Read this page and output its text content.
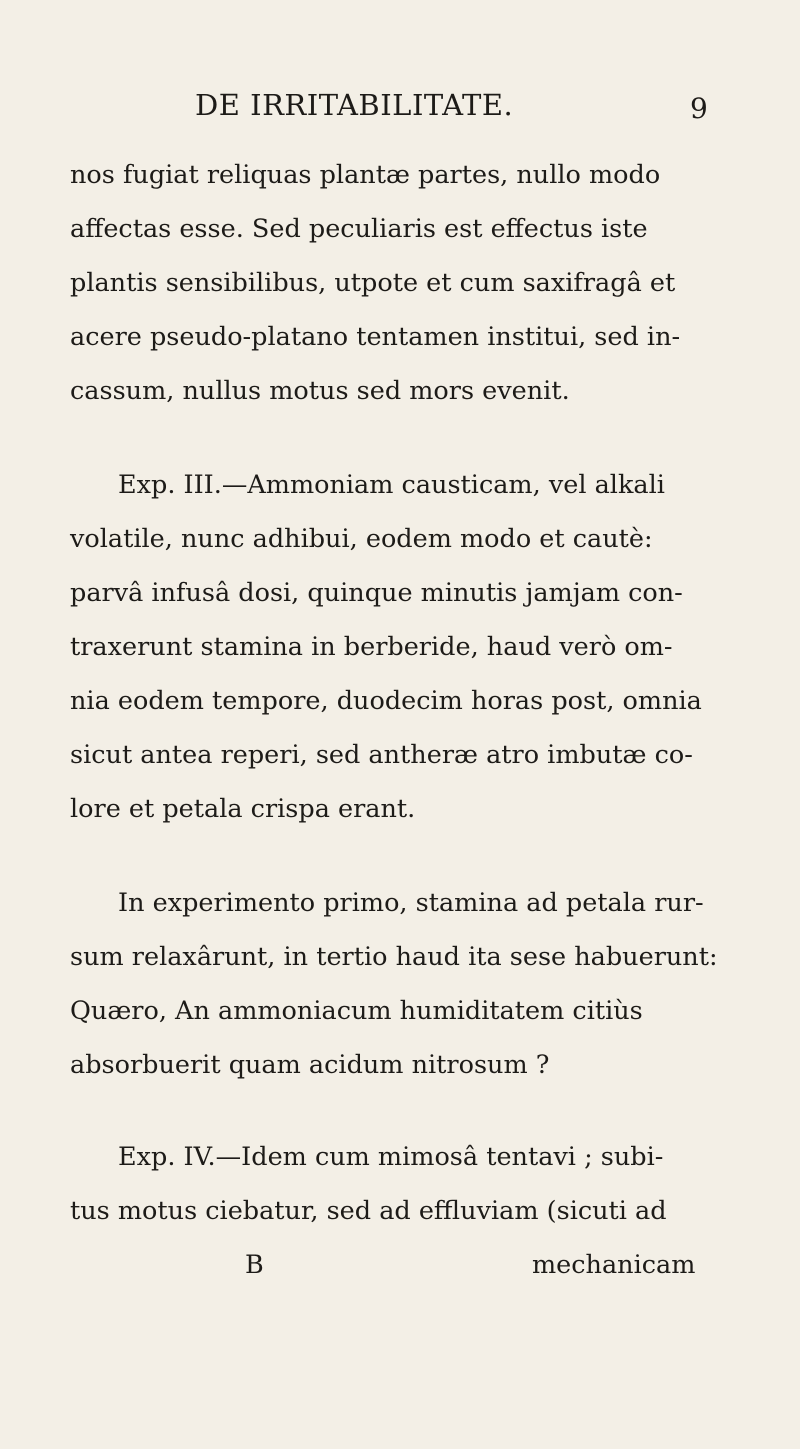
DE IRRITABILITATE.	9
nos fugiat reliquas plantæ partes, nullo modo
affectas esse. Sed peculiaris est effectus iste
plantis sensibilibus, utpote et cum saxifragâ et
acere pseudo-platano tentamen institui, sed in-
cassum, nullus motus sed mors evenit.
Exp. III.—Ammoniam causticam, vel alkali
volatile, nunc adhibui, eodem modo et cautè:
parvâ infusâ dosi, quinque minutis jamjam con-
traxerunt stamina in berberide, haud verò om-
nia eodem tempore, duodecim horas post, omnia
sicut antea reperi, sed antheræ atro imbutæ co-
lore et petala crispa erant.
In experimento primo, stamina ad petala rur-
sum relaxârunt, in tertio haud ita sese habuerunt:
Quæro, An ammoniacum humiditatem citiùs
absorbuerit quam acidum nitrosum ?
Exp. IV.—Idem cum mimosâ tentavi ; subi-
tus motus ciebatur, sed ad effluviam (sicuti ad
B	mechanicam
